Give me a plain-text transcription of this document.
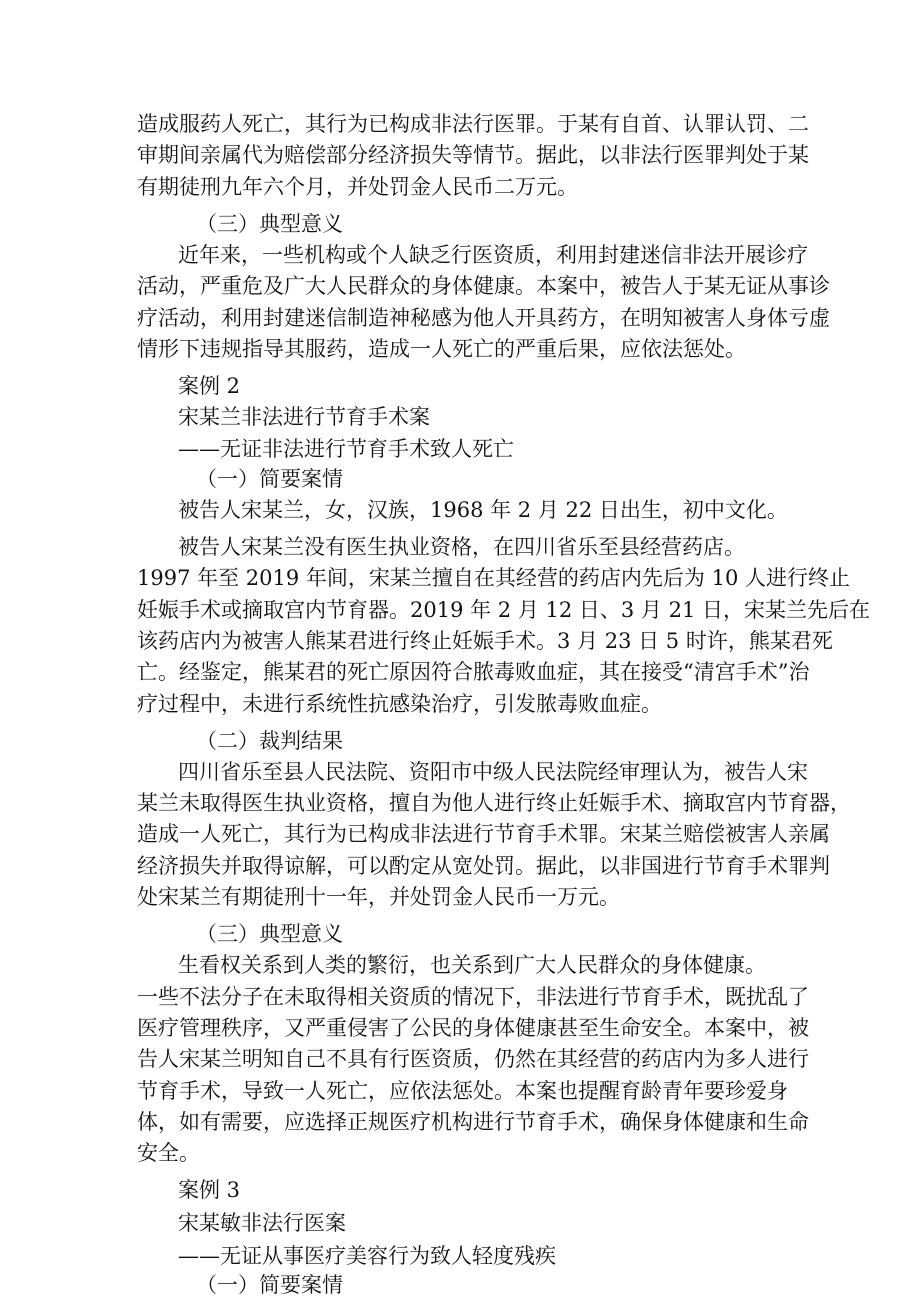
造成服药人死亡，其行为已构成非法行医罪。于某有自首、认罪认罚、二
审期间亲属代为赔偿部分经济损失等情节。据此，以非法行医罪判处于某
有期徒刑九年六个月，并处罚金人民币二万元。
（三）典型意义
近年来，一些机构或个人缺乏行医资质，利用封建迷信非法开展诊疗
活动，严重危及广大人民群众的身体健康。本案中，被告人于某无证从事诊
疗活动，利用封建迷信制造神秘感为他人开具药方，在明知被害人身体亏虚
情形下违规指导其服药，造成一人死亡的严重后果，应依法惩处。
案例 2
宋某兰非法进行节育手术案
——无证非法进行节育手术致人死亡
（一）简要案情
被告人宋某兰，女，汉族，1968 年 2 月 22 日出生，初中文化。
被告人宋某兰没有医生执业资格，在四川省乐至县经营药店。
1997 年至 2019 年间，宋某兰擅自在其经营的药店内先后为 10 人进行终止
妊娠手术或摘取宫内节育器。2019 年 2 月 12 日、3 月 21 日，宋某兰先后在
该药店内为被害人熊某君进行终止妊娠手术。3 月 23 日 5 时许，熊某君死
亡。经鉴定，熊某君的死亡原因符合脓毒败血症，其在接受“清宫手术”治
疗过程中，未进行系统性抗感染治疗，引发脓毒败血症。
（二）裁判结果
四川省乐至县人民法院、资阳市中级人民法院经审理认为，被告人宋
某兰未取得医生执业资格，擅自为他人进行终止妊娠手术、摘取宫内节育器，
造成一人死亡，其行为已构成非法进行节育手术罪。宋某兰赔偿被害人亲属
经济损失并取得谅解，可以酌定从宽处罚。据此，以非国进行节育手术罪判
处宋某兰有期徒刑十一年，并处罚金人民币一万元。
（三）典型意义
生看权关系到人类的繁衍，也关系到广大人民群众的身体健康。
一些不法分子在未取得相关资质的情况下，非法进行节育手术，既扰乱了
医疗管理秩序，又严重侵害了公民的身体健康甚至生命安全。本案中，被
告人宋某兰明知自己不具有行医资质，仍然在其经营的药店内为多人进行
节育手术，导致一人死亡，应依法惩处。本案也提醒育龄青年要珍爱身
体，如有需要，应选择正规医疗机构进行节育手术，确保身体健康和生命
安全。
案例 3
宋某敏非法行医案
——无证从事医疗美容行为致人轻度残疾
（一）简要案情
